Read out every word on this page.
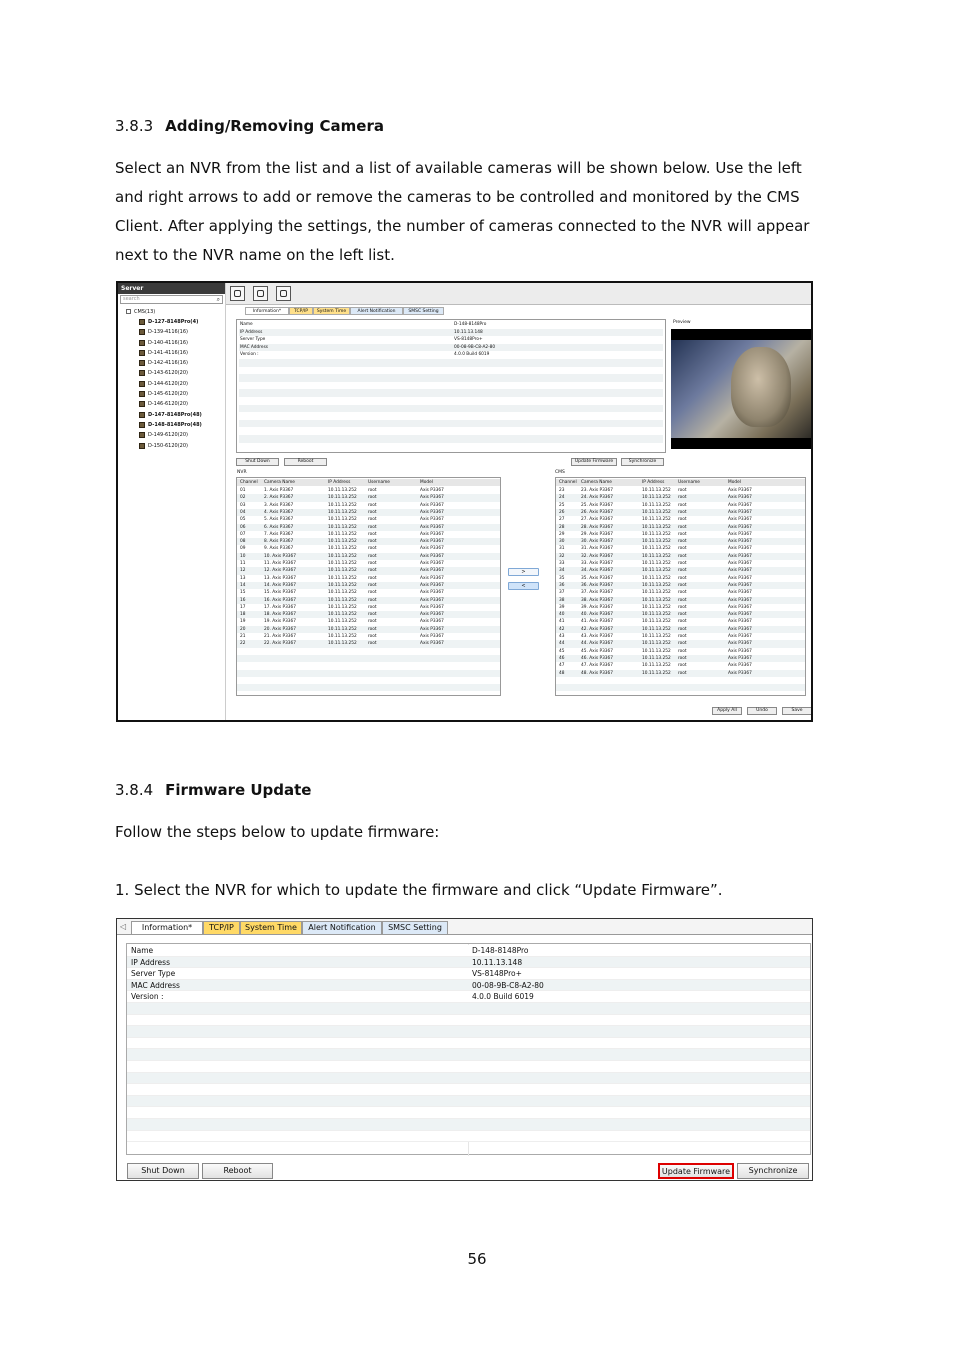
3.8.3 Adding/Removing Camera
Select an NVR from the list and a list of available cameras will be shown below. Use the left
and right arrows to add or remove the cameras to be controlled and monitored by the CMS
Client. After applying the settings, the number of cameras connected to the NVR will appear
next to the NVR name on the left list.
Server
search	⌕
CMS(13)
D-127-8148Pro(4)
D-139-4116(16)
D-140-4116(16)
D-141-4116(16)
D-142-4116(16)
D-143-6120(20)
D-144-6120(20)
D-145-6120(20)
D-146-6120(20)
D-147-8148Pro(48)
D-148-8148Pro(48)
D-149-6120(20)
D-150-6120(20)
Information*	TCP/IP	System Time	Alert Notification	SMSC Setting
Name	D-148-8148Pro
IP Address	10.11.13.148
Server Type	VS-8148Pro+
MAC Address	00-08-9B-C8-A2-80
Version :	4.0.0 Build 6019
Preview
Shut Down	Reboot	Update Firmware	Synchronize
NVR	CMS
Channel Camera Name	IP Address	Username	Model
01	1. Axis P3367	10.11.13.252	root	Axis P3367
02	2. Axis P3367	10.11.13.252	root	Axis P3367
03	3. Axis P3367	10.11.13.252	root	Axis P3367
04	4. Axis P3367	10.11.13.252	root	Axis P3367
05	5. Axis P3367	10.11.13.252	root	Axis P3367
06	6. Axis P3367	10.11.13.252	root	Axis P3367
07	7. Axis P3367	10.11.13.252	root	Axis P3367
08	8. Axis P3367	10.11.13.252	root	Axis P3367
09	9. Axis P3367	10.11.13.252	root	Axis P3367
10	10. Axis P3367	10.11.13.252	root	Axis P3367
11	11. Axis P3367	10.11.13.252	root	Axis P3367
12	12. Axis P3367	10.11.13.252	root	Axis P3367
13	13. Axis P3367	10.11.13.252	root	Axis P3367
14	14. Axis P3367	10.11.13.252	root	Axis P3367
15	15. Axis P3367	10.11.13.252	root	Axis P3367
16	16. Axis P3367	10.11.13.252	root	Axis P3367
17	17. Axis P3367	10.11.13.252	root	Axis P3367
18	18. Axis P3367	10.11.13.252	root	Axis P3367
19	19. Axis P3367	10.11.13.252	root	Axis P3367
20	20. Axis P3367	10.11.13.252	root	Axis P3367
21	21. Axis P3367	10.11.13.252	root	Axis P3367
22	22. Axis P3367	10.11.13.252	root	Axis P3367
Channel Camera Name	IP Address	Username	Model
23	23. Axis P3367	10.11.13.252 root	Axis P3367
24	24. Axis P3367	10.11.13.252 root	Axis P3367
25	25. Axis P3367	10.11.13.252 root	Axis P3367
26	26. Axis P3367	10.11.13.252 root	Axis P3367
27	27. Axis P3367	10.11.13.252 root	Axis P3367
28	28. Axis P3367	10.11.13.252 root	Axis P3367
29	29. Axis P3367	10.11.13.252 root	Axis P3367
30	30. Axis P3367	10.11.13.252 root	Axis P3367
31	31. Axis P3367	10.11.13.252 root	Axis P3367
32	32. Axis P3367	10.11.13.252 root	Axis P3367
33	33. Axis P3367	10.11.13.252 root	Axis P3367
34	34. Axis P3367	10.11.13.252 root	Axis P3367
35	35. Axis P3367	10.11.13.252 root	Axis P3367
36	36. Axis P3367	10.11.13.252 root	Axis P3367
37	37. Axis P3367	10.11.13.252 root	Axis P3367
38	38. Axis P3367	10.11.13.252 root	Axis P3367
39	39. Axis P3367	10.11.13.252 root	Axis P3367
40	40. Axis P3367	10.11.13.252 root	Axis P3367
41	41. Axis P3367	10.11.13.252 root	Axis P3367
42	42. Axis P3367	10.11.13.252 root	Axis P3367
43	43. Axis P3367	10.11.13.252 root	Axis P3367
44	44. Axis P3367	10.11.13.252 root	Axis P3367
45	45. Axis P3367	10.11.13.252 root	Axis P3367
46	46. Axis P3367	10.11.13.252 root	Axis P3367
47	47. Axis P3367	10.11.13.252 root	Axis P3367
48	48. Axis P3367	10.11.13.252 root	Axis P3367
>
<
Apply All	Undo	Save
3.8.4 Firmware Update
Follow the steps below to update firmware:
1. Select the NVR for which to update the firmware and click “Update Firmware”.
◁	Information*	TCP/IP	System Time	Alert Notification	SMSC Setting
Name	D-148-8148Pro
IP Address	10.11.13.148
Server Type	VS-8148Pro+
MAC Address	00-08-9B-C8-A2-80
Version :	4.0.0 Build 6019
Shut Down	Reboot	Update Firmware	Synchronize
56
